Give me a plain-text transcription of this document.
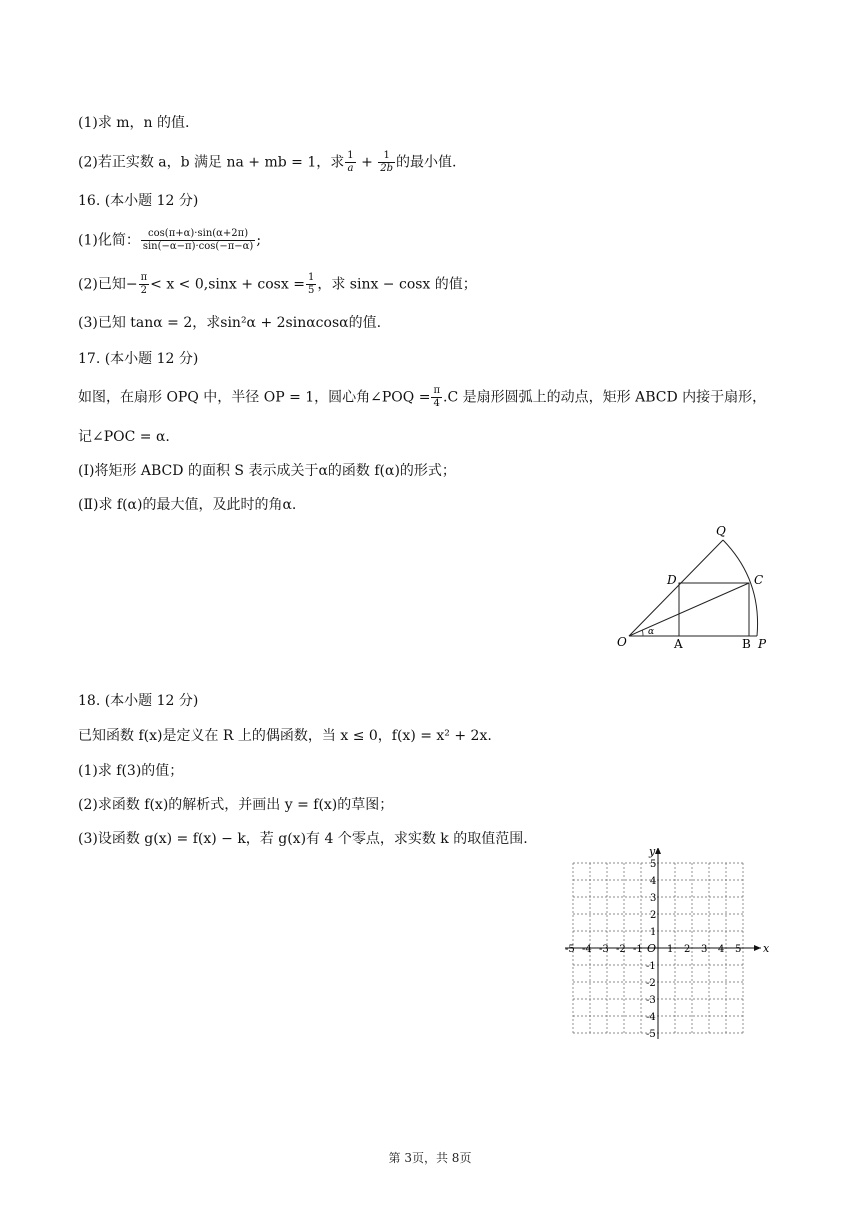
(1)求 m，n 的值.
(2)若正实数 a，b 满足 na + mb = 1，求 $\frac{1}{a} + \frac{1}{2b}$ 的最小值.
16. (本小题 12 分)
(1)化简： $\frac{\cos(\pi+\alpha)\cdot\sin(\alpha+2\pi)}{\sin(-\alpha-\pi)\cdot\cos(-\pi-\alpha)}$ ;
(2)已知− $\frac{\pi}{2} < x < 0,\sin x + \cos x = \frac{1}{5}$ ，求 sinx − cosx 的值；
(3)已知 tanα = 2，求sin²α + 2sinαcosα的值.
17. (本小题 12 分)
如图，在扇形 OPQ 中，半径 OP = 1，圆心角∠POQ = $\frac{\pi}{4} .C$ 是扇形圆弧上的动点，矩形 ABCD 内接于扇形，
记∠POC = α.
(Ⅰ)将矩形 ABCD 的面积 S 表示成关于α的函数 f(α)的形式；
(Ⅱ)求 f(α)的最大值，及此时的角α.
Q
D	C
O
α
A	B P
18. (本小题 12 分)
已知函数 f(x)是定义在 R 上的偶函数，当 x ≤ 0，f(x) = x² + 2x.
(1)求 f(3)的值；
(2)求函数 f(x)的解析式，并画出 y = f(x)的草图；
(3)设函数 g(x) = f(x) − k，若 g(x)有 4 个零点，求实数 k 的取值范围.
x
y
O
-5 -4 -3 -2 -1 1 2 3 4 5
5
4
3
2
1
-1
-2
-3
-4
-5
第 3页，共 8页
